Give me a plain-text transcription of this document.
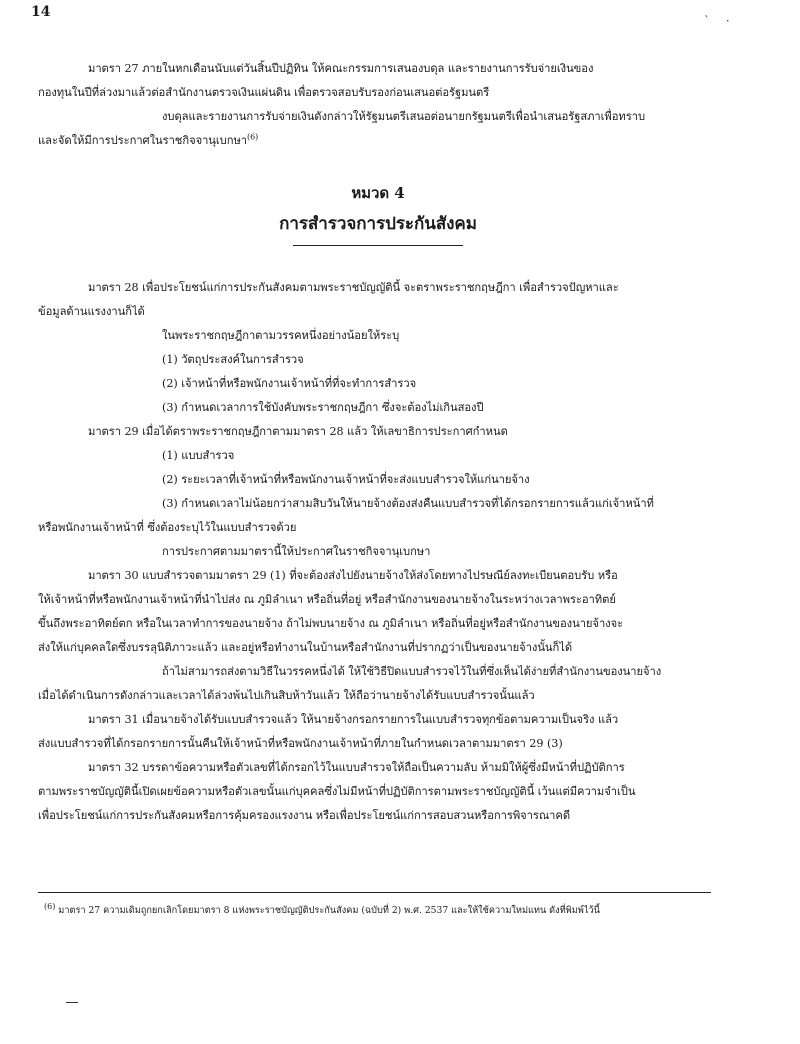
14
` ·

มาตรา 27 ภายในหกเดือนนับแต่วันสิ้นปีปฏิทิน ให้คณะกรรมการเสนองบดุล และรายงานการรับจ่ายเงินของ

กองทุนในปีที่ล่วงมาแล้วต่อสำนักงานตรวจเงินแผ่นดิน เพื่อตรวจสอบรับรองก่อนเสนอต่อรัฐมนตรี

งบดุลและรายงานการรับจ่ายเงินดังกล่าวให้รัฐมนตรีเสนอต่อนายกรัฐมนตรีเพื่อนำเสนอรัฐสภาเพื่อทราบ

และจัดให้มีการประกาศในราชกิจจานุเบกษา$^{(6)}$

หมวด 4

การสำรวจการประกันสังคม

มาตรา 28 เพื่อประโยชน์แก่การประกันสังคมตามพระราชบัญญัตินี้ จะตราพระราชกฤษฎีกา เพื่อสำรวจปัญหาและ

ข้อมูลด้านแรงงานก็ได้

ในพระราชกฤษฎีกาตามวรรคหนึ่งอย่างน้อยให้ระบุ

(1) วัตถุประสงค์ในการสำรวจ

(2) เจ้าหน้าที่หรือพนักงานเจ้าหน้าที่ที่จะทำการสำรวจ

(3) กำหนดเวลาการใช้บังคับพระราชกฤษฎีกา ซึ่งจะต้องไม่เกินสองปี

มาตรา 29 เมื่อได้ตราพระราชกฤษฎีกาตามมาตรา 28 แล้ว ให้เลขาธิการประกาศกำหนด

(1) แบบสำรวจ

(2) ระยะเวลาที่เจ้าหน้าที่หรือพนักงานเจ้าหน้าที่จะส่งแบบสำรวจให้แก่นายจ้าง

(3) กำหนดเวลาไม่น้อยกว่าสามสิบวันให้นายจ้างต้องส่งคืนแบบสำรวจที่ได้กรอกรายการแล้วแก่เจ้าหน้าที่

หรือพนักงานเจ้าหน้าที่ ซึ่งต้องระบุไว้ในแบบสำรวจด้วย

การประกาศตามมาตรานี้ให้ประกาศในราชกิจจานุเบกษา

มาตรา 30 แบบสำรวจตามมาตรา 29 (1) ที่จะต้องส่งไปยังนายจ้างให้ส่งโดยทางไปรษณีย์ลงทะเบียนตอบรับ หรือ

ให้เจ้าหน้าที่หรือพนักงานเจ้าหน้าที่นำไปส่ง ณ ภูมิลำเนา หรือถิ่นที่อยู่ หรือสำนักงานของนายจ้างในระหว่างเวลาพระอาทิตย์

ขึ้นถึงพระอาทิตย์ตก หรือในเวลาทำการของนายจ้าง ถ้าไม่พบนายจ้าง ณ ภูมิลำเนา หรือถิ่นที่อยู่หรือสำนักงานของนายจ้างจะ

ส่งให้แก่บุคคลใดซึ่งบรรลุนิติภาวะแล้ว และอยู่หรือทำงานในบ้านหรือสำนักงานที่ปรากฏว่าเป็นของนายจ้างนั้นก็ได้

ถ้าไม่สามารถส่งตามวิธีในวรรคหนึ่งได้ ให้ใช้วิธีปิดแบบสำรวจไว้ในที่ซึ่งเห็นได้ง่ายที่สำนักงานของนายจ้าง

เมื่อได้ดำเนินการดังกล่าวและเวลาได้ล่วงพ้นไปเกินสิบห้าวันแล้ว ให้ถือว่านายจ้างได้รับแบบสำรวจนั้นแล้ว

มาตรา 31 เมื่อนายจ้างได้รับแบบสำรวจแล้ว ให้นายจ้างกรอกรายการในแบบสำรวจทุกข้อตามความเป็นจริง แล้ว

ส่งแบบสำรวจที่ได้กรอกรายการนั้นคืนให้เจ้าหน้าที่หรือพนักงานเจ้าหน้าที่ภายในกำหนดเวลาตามมาตรา 29 (3)

มาตรา 32 บรรดาข้อความหรือตัวเลขที่ได้กรอกไว้ในแบบสำรวจให้ถือเป็นความลับ ห้ามมิให้ผู้ซึ่งมีหน้าที่ปฏิบัติการ

ตามพระราชบัญญัตินี้เปิดเผยข้อความหรือตัวเลขนั้นแก่บุคคลซึ่งไม่มีหน้าที่ปฏิบัติการตามพระราชบัญญัตินี้ เว้นแต่มีความจำเป็น

เพื่อประโยชน์แก่การประกันสังคมหรือการคุ้มครองแรงงาน หรือเพื่อประโยชน์แก่การสอบสวนหรือการพิจารณาคดี

(6) มาตรา 27 ความเดิมถูกยกเลิกโดยมาตรา 8 แห่งพระราชบัญญัติประกันสังคม (ฉบับที่ 2) พ.ศ. 2537 และให้ใช้ความใหม่แทน ดังที่พิมพ์ไว้นี้
